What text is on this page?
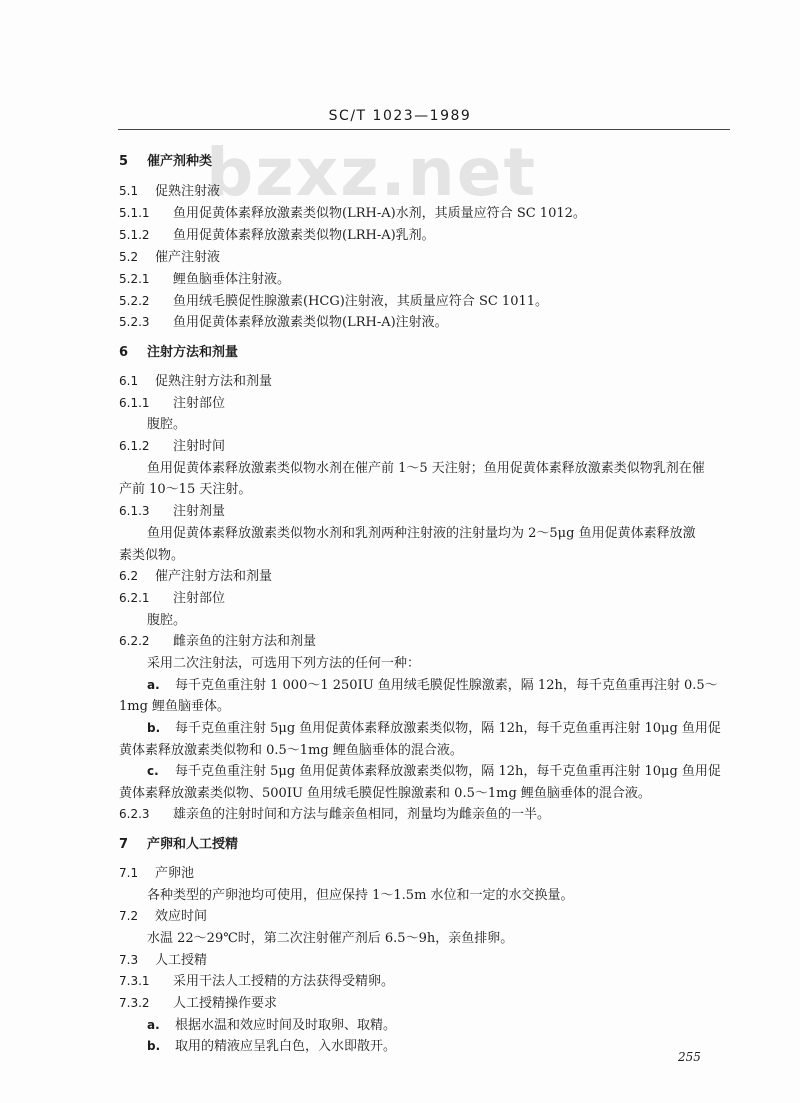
bzxz.net
SC/T 1023—1989
5 催产剂种类
5.1 促熟注射液
5.1.1 鱼用促黄体素释放激素类似物(LRH-A)水剂，其质量应符合 SC 1012。
5.1.2 鱼用促黄体素释放激素类似物(LRH-A)乳剂。
5.2 催产注射液
5.2.1 鲤鱼脑垂体注射液。
5.2.2 鱼用绒毛膜促性腺激素(HCG)注射液，其质量应符合 SC 1011。
5.2.3 鱼用促黄体素释放激素类似物(LRH-A)注射液。
6 注射方法和剂量
6.1 促熟注射方法和剂量
6.1.1 注射部位
腹腔。
6.1.2 注射时间
鱼用促黄体素释放激素类似物水剂在催产前 1～5 天注射；鱼用促黄体素释放激素类似物乳剂在催
产前 10～15 天注射。
6.1.3 注射剂量
鱼用促黄体素释放激素类似物水剂和乳剂两种注射液的注射量均为 2～5μg 鱼用促黄体素释放激
素类似物。
6.2 催产注射方法和剂量
6.2.1 注射部位
腹腔。
6.2.2 雌亲鱼的注射方法和剂量
采用二次注射法，可选用下列方法的任何一种：
a. 每千克鱼重注射 1 000～1 250IU 鱼用绒毛膜促性腺激素，隔 12h，每千克鱼重再注射 0.5～
1mg 鲤鱼脑垂体。
b. 每千克鱼重注射 5μg 鱼用促黄体素释放激素类似物，隔 12h，每千克鱼重再注射 10μg 鱼用促
黄体素释放激素类似物和 0.5～1mg 鲤鱼脑垂体的混合液。
c. 每千克鱼重注射 5μg 鱼用促黄体素释放激素类似物，隔 12h，每千克鱼重再注射 10μg 鱼用促
黄体素释放激素类似物、500IU 鱼用绒毛膜促性腺激素和 0.5～1mg 鲤鱼脑垂体的混合液。
6.2.3 雄亲鱼的注射时间和方法与雌亲鱼相同，剂量均为雌亲鱼的一半。
7 产卵和人工授精
7.1 产卵池
各种类型的产卵池均可使用，但应保持 1～1.5m 水位和一定的水交换量。
7.2 效应时间
水温 22～29℃时，第二次注射催产剂后 6.5～9h，亲鱼排卵。
7.3 人工授精
7.3.1 采用干法人工授精的方法获得受精卵。
7.3.2 人工授精操作要求
a. 根据水温和效应时间及时取卵、取精。
b. 取用的精液应呈乳白色，入水即散开。
255
